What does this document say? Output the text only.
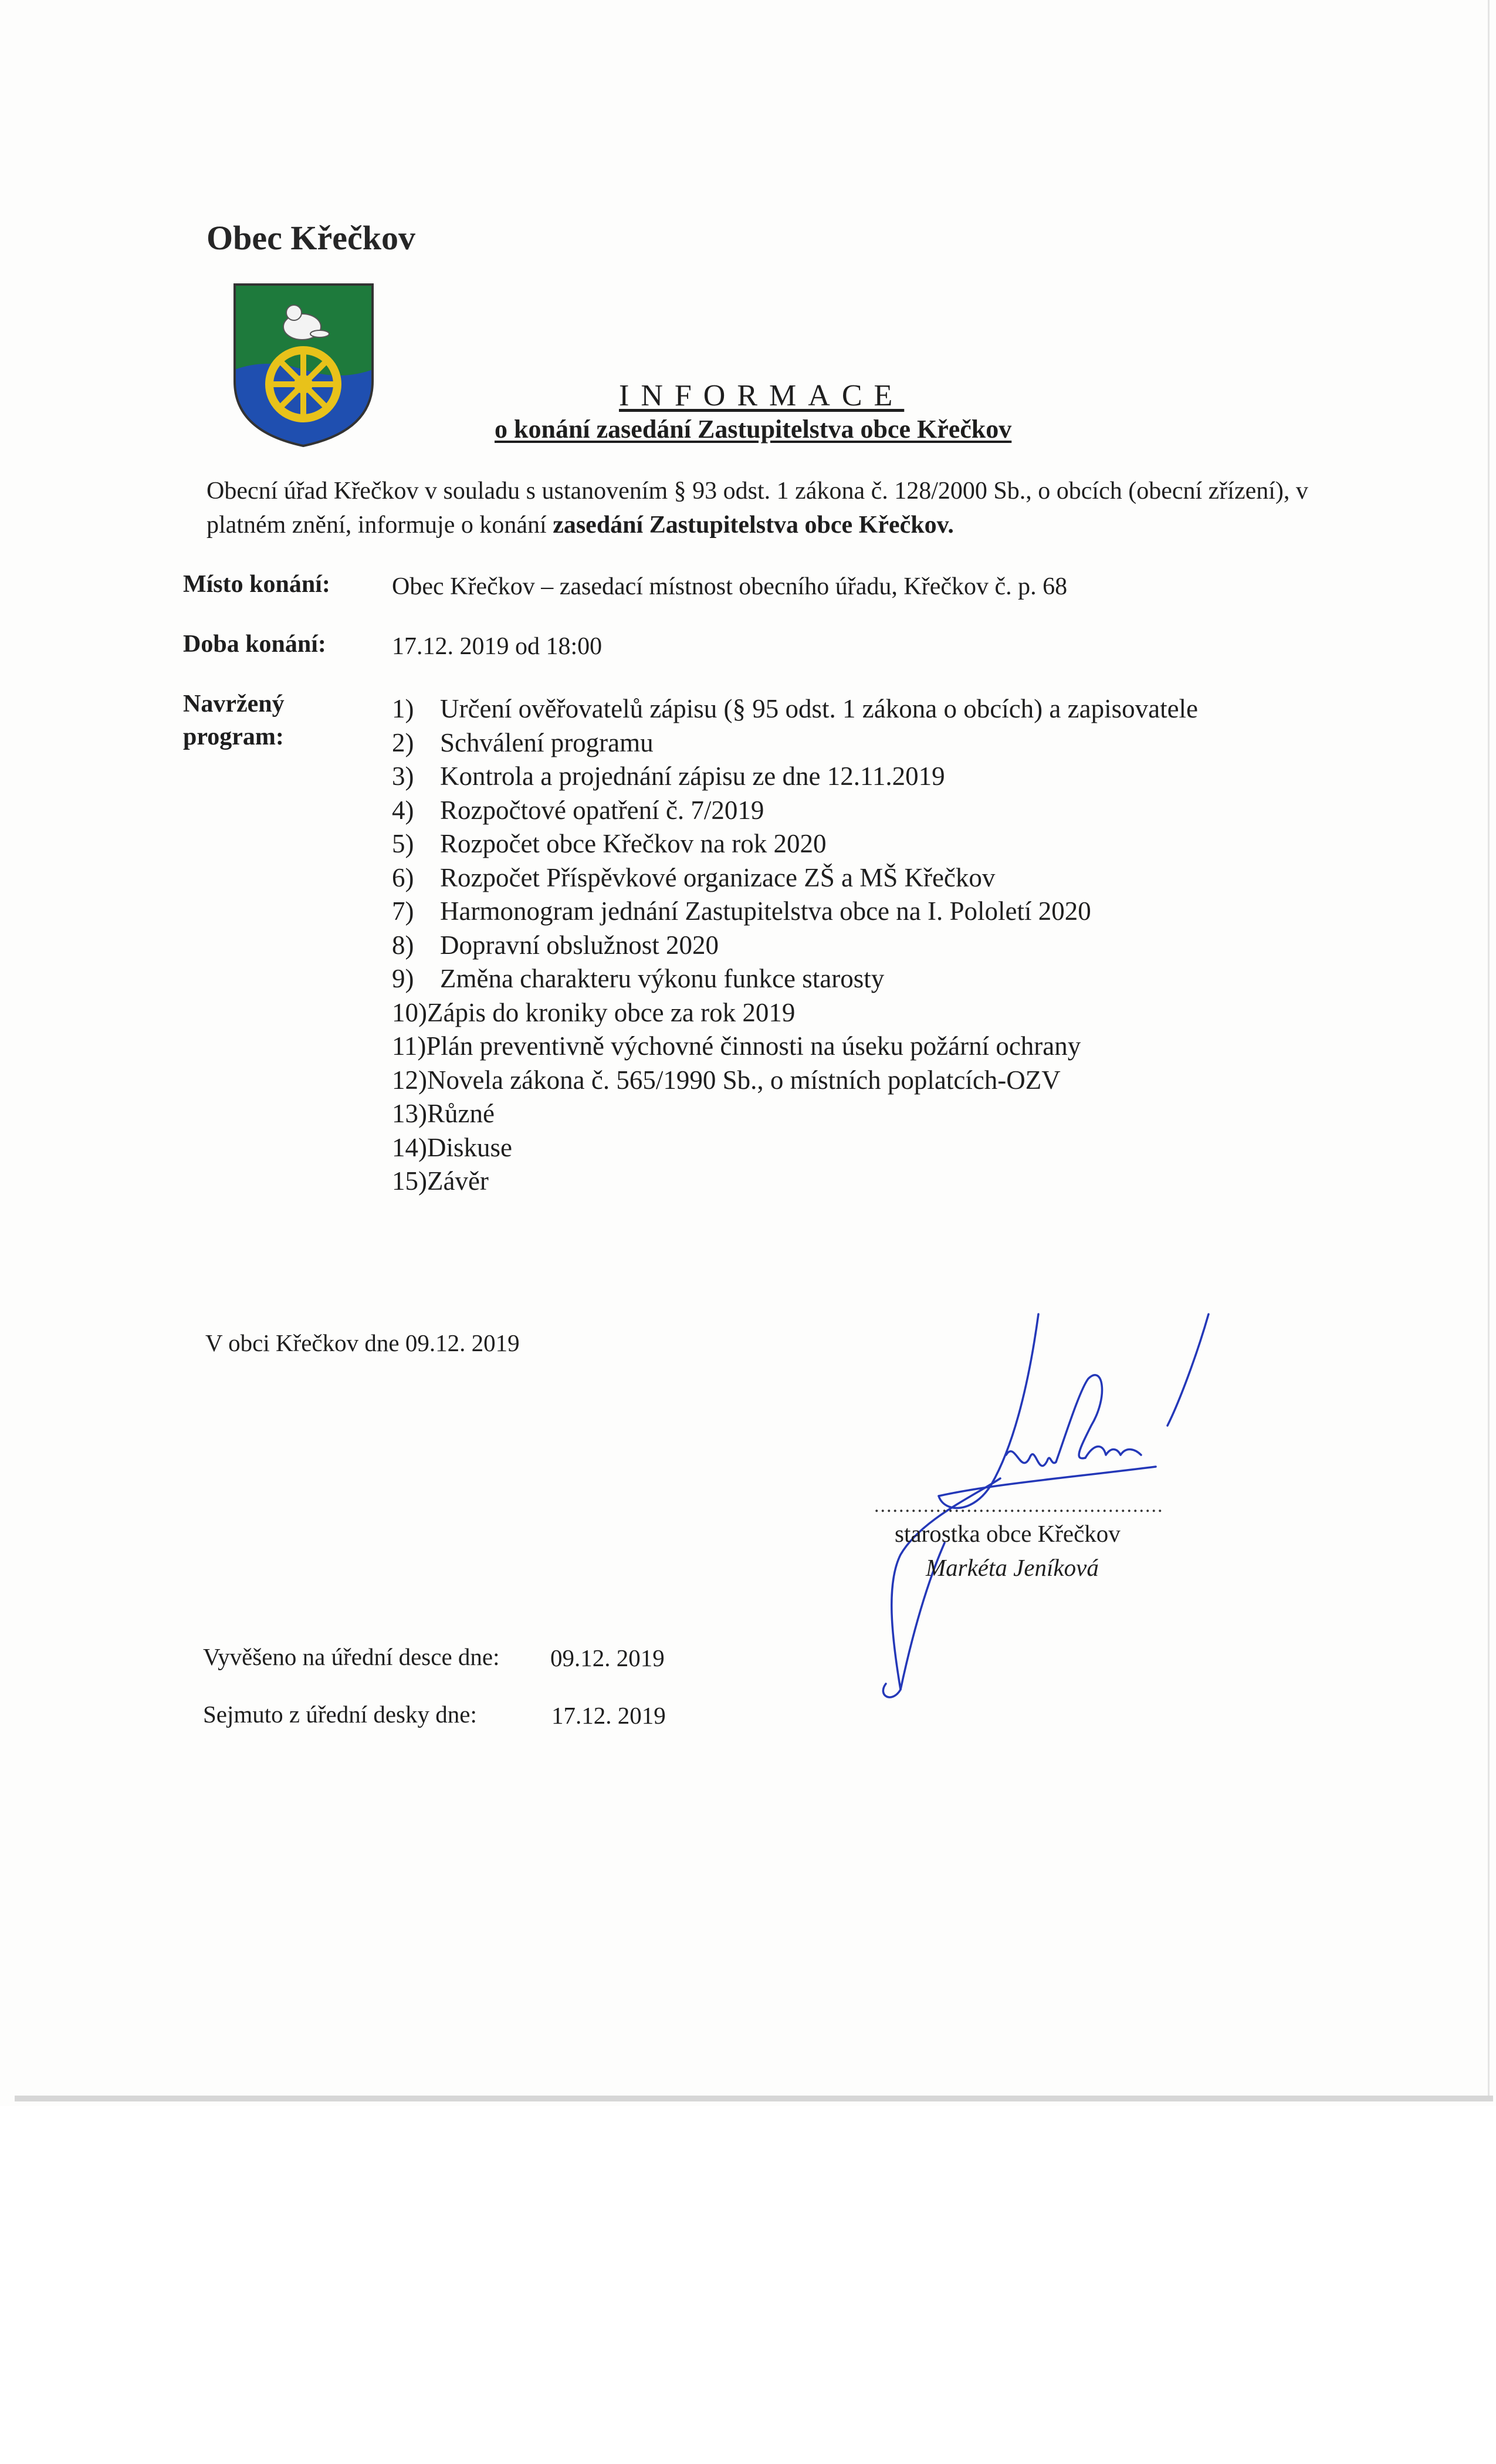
Obec Křečkov
INFORMACE
o konání zasedání Zastupitelstva obce Křečkov
Obecní úřad Křečkov v souladu s ustanovením § 93 odst. 1 zákona č. 128/2000 Sb., o obcích (obecní zřízení), v platném znění, informuje o konání zasedání Zastupitelstva obce Křečkov.
Místo konání:	Obec Křečkov – zasedací místnost obecního úřadu, Křečkov č. p. 68
Doba konání:	17.12. 2019 od 18:00
Navržený program:
1) Určení ověřovatelů zápisu (§ 95 odst. 1 zákona o obcích) a zapisovatele
2) Schválení programu
3) Kontrola a projednání zápisu ze dne 12.11.2019
4) Rozpočtové opatření č. 7/2019
5) Rozpočet obce Křečkov na rok 2020
6) Rozpočet Příspěvkové organizace ZŠ a MŠ Křečkov
7) Harmonogram jednání Zastupitelstva obce na I. Pololetí 2020
8) Dopravní obslužnost 2020
9) Změna charakteru výkonu funkce starosty
10) Zápis do kroniky obce za rok 2019
11) Plán preventivně výchovné činnosti na úseku požární ochrany
12) Novela zákona č. 565/1990 Sb., o místních poplatcích-OZV
13) Různé
14) Diskuse
15) Závěr
V obci Křečkov dne 09.12. 2019
...............................................
starostka obce Křečkov
Markéta Jeníková
Vyvěšeno na úřední desce dne: 09.12. 2019
Sejmuto z úřední desky dne:	17.12. 2019
